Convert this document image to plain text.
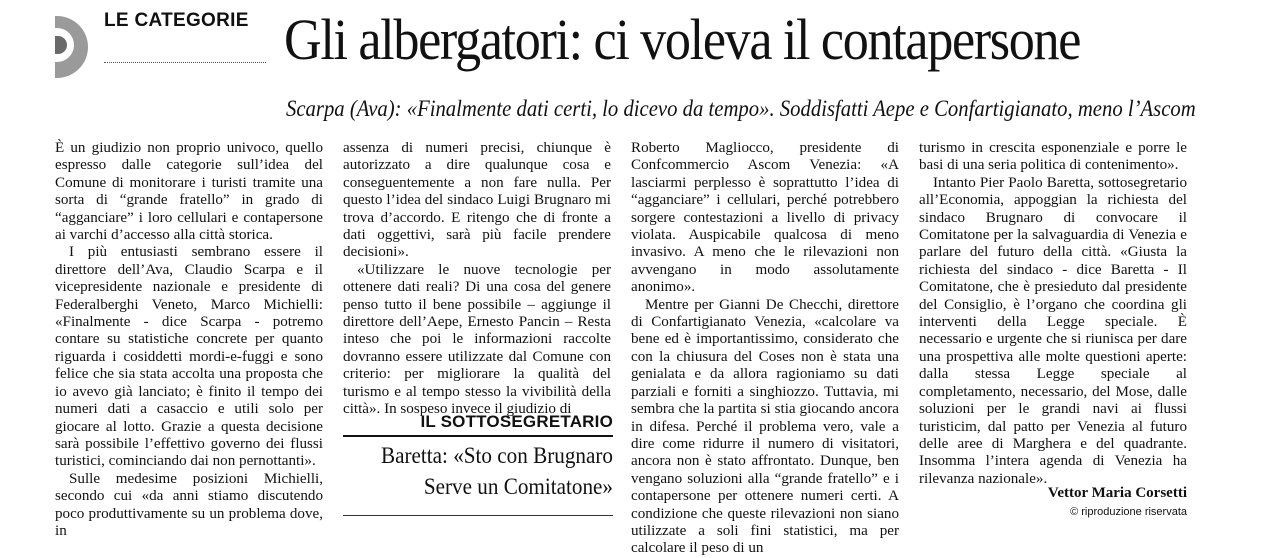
LE CATEGORIE Gli albergatori: ci voleva il contapersone
Scarpa (Ava): «Finalmente dati certi, lo dicevo da tempo». Soddisfatti Aepe e Confartigianato, meno l’Ascom

È un giudizio non proprio univoco, quello espresso dalle categorie sull’idea del Comune di monitorare i turisti tramite una sorta di “grande fratello” in grado di “agganciare” i loro cellulari e contapersone ai varchi d’accesso alla città storica.

I più entusiasti sembrano essere il direttore dell’Ava, Claudio Scarpa e il vicepresidente nazionale e presidente di Federalberghi Veneto, Marco Michielli: «Finalmente - dice Scarpa - potremo contare su statistiche concrete per quanto riguarda i cosiddetti mordi-e-fuggi e sono felice che sia stata accolta una proposta che io avevo già lanciato; è finito il tempo dei numeri dati a casaccio e utili solo per giocare al lotto. Grazie a questa decisione sarà possibile l’effettivo governo dei flussi turistici, cominciando dai non pernottanti».

Sulle medesime posizioni Michielli, secondo cui «da anni stiamo discutendo poco produttivamente su un problema dove, in

assenza di numeri precisi, chiunque è autorizzato a dire qualunque cosa e conseguentemente a non fare nulla. Per questo l’idea del sindaco Luigi Brugnaro mi trova d’accordo. E ritengo che di fronte a dati oggettivi, sarà più facile prendere decisioni».

«Utilizzare le nuove tecnologie per ottenere dati reali? Di una cosa del genere penso tutto il bene possibile – aggiunge il direttore dell’Aepe, Ernesto Pancin – Resta inteso che poi le informazioni raccolte dovranno essere utilizzate dal Comune con criterio: per migliorare la qualità del turismo e al tempo stesso la vivibilità della città». In sospeso invece il giudizio di

IL SOTTOSEGRETARIO
Baretta: «Sto con Brugnaro
Serve un Comitatone»

Roberto Magliocco, presidente di Confcommercio Ascom Venezia: «A lasciarmi perplesso è soprattutto l’idea di “agganciare” i cellulari, perché potrebbero sorgere contestazioni a livello di privacy violata. Auspicabile qualcosa di meno invasivo. A meno che le rilevazioni non avvengano in modo assolutamente anonimo».

Mentre per Gianni De Checchi, direttore di Confartigianato Venezia, «calcolare va bene ed è importantissimo, considerato che con la chiusura del Coses non è stata una genialata e da allora ragioniamo su dati parziali e forniti a singhiozzo. Tuttavia, mi sembra che la partita si stia giocando ancora in difesa. Perché il problema vero, vale a dire come ridurre il numero di visitatori, ancora non è stato affrontato. Dunque, ben vengano soluzioni alla “grande fratello” e i contapersone per ottenere numeri certi. A condizione che queste rilevazioni non siano utilizzate a soli fini statistici, ma per calcolare il peso di un

turismo in crescita esponenziale e porre le basi di una seria politica di contenimento».

Intanto Pier Paolo Baretta, sottosegretario all’Economia, appoggian la richiesta del sindaco Brugnaro di convocare il Comitatone per la salvaguardia di Venezia e parlare del futuro della città. «Giusta la richiesta del sindaco - dice Baretta - Il Comitatone, che è presieduto dal presidente del Consiglio, è l’organo che coordina gli interventi della Legge speciale. È necessario e urgente che si riunisca per dare una prospettiva alle molte questioni aperte: dalla stessa Legge speciale al completamento, necessario, del Mose, dalle soluzioni per le grandi navi ai flussi turisticim, dal patto per Venezia al futuro delle aree di Marghera e del quadrante. Insomma l’intera agenda di Venezia ha rilevanza nazionale».

Vettor Maria Corsetti
© riproduzione riservata
